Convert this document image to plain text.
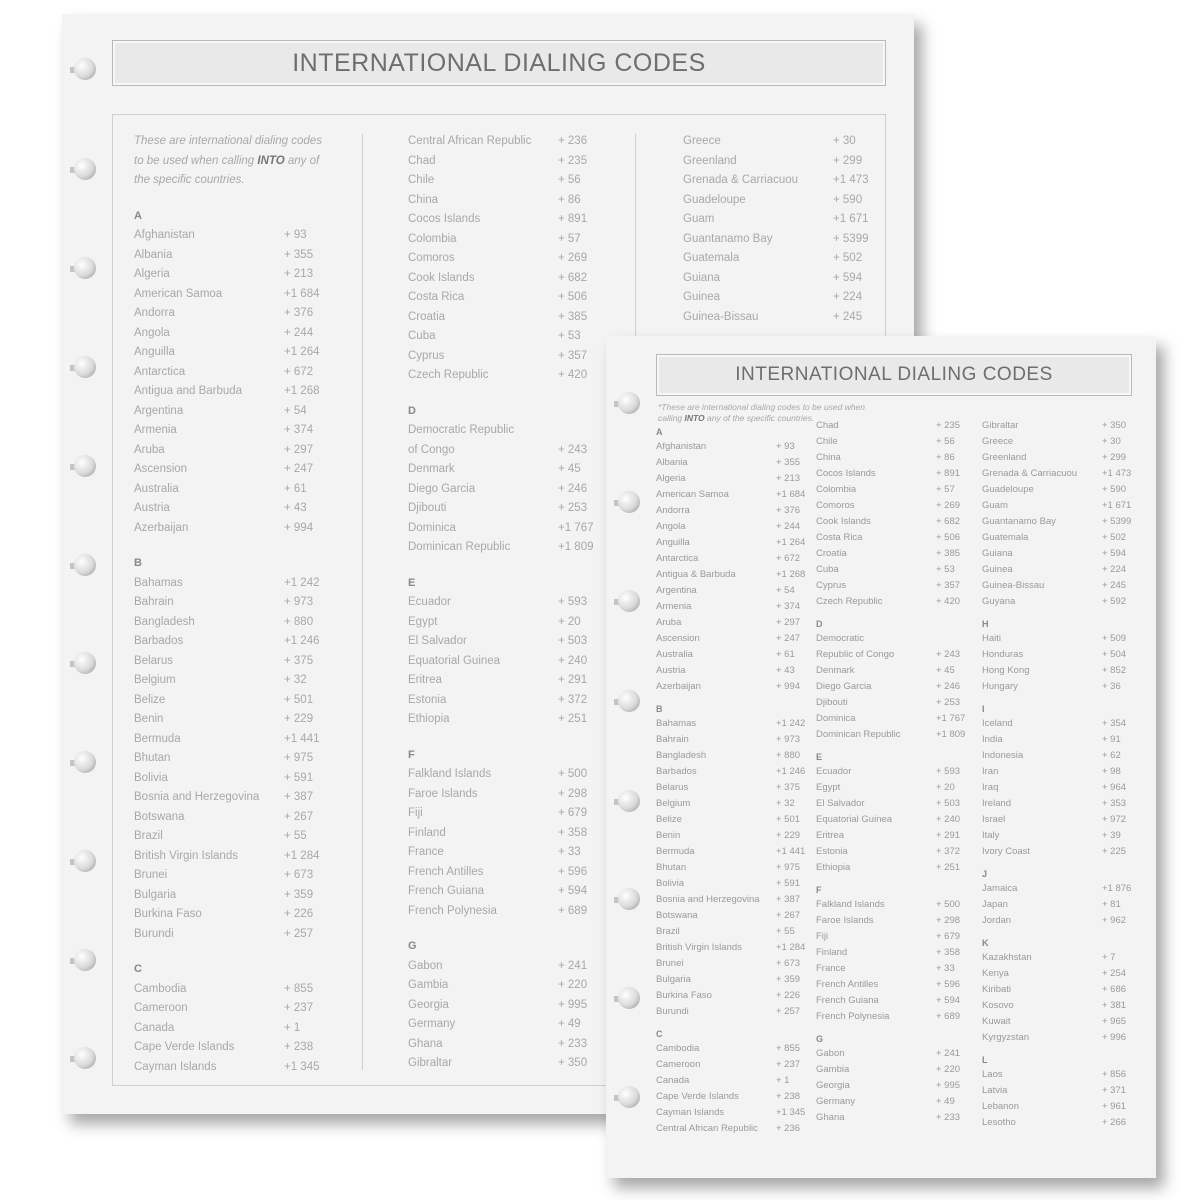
INTERNATIONAL DIALING CODES
These are international dialing codes
to be used when calling INTO any of
the specific countries.
A
Afghanistan	+ 93
Albania	+ 355
Algeria	+ 213
American Samoa	+1 684
Andorra	+ 376
Angola	+ 244
Anguilla	+1 264
Antarctica	+ 672
Antigua and Barbuda	+1 268
Argentina	+ 54
Armenia	+ 374
Aruba	+ 297
Ascension	+ 247
Australia	+ 61
Austria	+ 43
Azerbaijan	+ 994
B
Bahamas	+1 242
Bahrain	+ 973
Bangladesh	+ 880
Barbados	+1 246
Belarus	+ 375
Belgium	+ 32
Belize	+ 501
Benin	+ 229
Bermuda	+1 441
Bhutan	+ 975
Bolivia	+ 591
Bosnia and Herzegovina	+ 387
Botswana	+ 267
Brazil	+ 55
British Virgin Islands	+1 284
Brunei	+ 673
Bulgaria	+ 359
Burkina Faso	+ 226
Burundi	+ 257
C
Cambodia	+ 855
Cameroon	+ 237
Canada	+ 1
Cape Verde Islands	+ 238
Cayman Islands	+1 345
Central African Republic	+ 236
Chad	+ 235
Chile	+ 56
China	+ 86
Cocos Islands	+ 891
Colombia	+ 57
Comoros	+ 269
Cook Islands	+ 682
Costa Rica	+ 506
Croatia	+ 385
Cuba	+ 53
Cyprus	+ 357
Czech Republic	+ 420
D
Democratic Republic
of Congo	+ 243
Denmark	+ 45
Diego Garcia	+ 246
Djibouti	+ 253
Dominica	+1 767
Dominican Republic	+1 809
E
Ecuador	+ 593
Egypt	+ 20
El Salvador	+ 503
Equatorial Guinea	+ 240
Eritrea	+ 291
Estonia	+ 372
Ethiopia	+ 251
F
Falkland Islands	+ 500
Faroe Islands	+ 298
Fiji	+ 679
Finland	+ 358
France	+ 33
French Antilles	+ 596
French Guiana	+ 594
French Polynesia	+ 689
G
Gabon	+ 241
Gambia	+ 220
Georgia	+ 995
Germany	+ 49
Ghana	+ 233
Gibraltar	+ 350
Greece	+ 30
Greenland	+ 299
Grenada & Carriacuou	+1 473
Guadeloupe	+ 590
Guam	+1 671
Guantanamo Bay	+ 5399
Guatemala	+ 502
Guiana	+ 594
Guinea	+ 224
Guinea-Bissau	+ 245
INTERNATIONAL DIALING CODES
*These are international dialing codes to be used when
calling INTO any of the specific countries.
A
Afghanistan	+ 93
Albania	+ 355
Algeria	+ 213
American Samoa	+1 684
Andorra	+ 376
Angola	+ 244
Anguilla	+1 264
Antarctica	+ 672
Antigua & Barbuda	+1 268
Argentina	+ 54
Armenia	+ 374
Aruba	+ 297
Ascension	+ 247
Australia	+ 61
Austria	+ 43
Azerbaijan	+ 994
B
Bahamas	+1 242
Bahrain	+ 973
Bangladesh	+ 880
Barbados	+1 246
Belarus	+ 375
Belgium	+ 32
Belize	+ 501
Benin	+ 229
Bermuda	+1 441
Bhutan	+ 975
Bolivia	+ 591
Bosnia and Herzegovina	+ 387
Botswana	+ 267
Brazil	+ 55
British Virgin Islands	+1 284
Brunei	+ 673
Bulgaria	+ 359
Burkina Faso	+ 226
Burundi	+ 257
C
Cambodia	+ 855
Cameroon	+ 237
Canada	+ 1
Cape Verde Islands	+ 238
Cayman Islands	+1 345
Central African Republic	+ 236
Chad	+ 235
Chile	+ 56
China	+ 86
Cocos Islands	+ 891
Colombia	+ 57
Comoros	+ 269
Cook Islands	+ 682
Costa Rica	+ 506
Croatia	+ 385
Cuba	+ 53
Cyprus	+ 357
Czech Republic	+ 420
D
Democratic
Republic of Congo	+ 243
Denmark	+ 45
Diego Garcia	+ 246
Djibouti	+ 253
Dominica	+1 767
Dominican Republic	+1 809
E
Ecuador	+ 593
Egypt	+ 20
El Salvador	+ 503
Equatorial Guinea	+ 240
Eritrea	+ 291
Estonia	+ 372
Ethiopia	+ 251
F
Falkland Islands	+ 500
Faroe Islands	+ 298
Fiji	+ 679
Finland	+ 358
France	+ 33
French Antilles	+ 596
French Guiana	+ 594
French Polynesia	+ 689
G
Gabon	+ 241
Gambia	+ 220
Georgia	+ 995
Germany	+ 49
Ghana	+ 233
Gibraltar	+ 350
Greece	+ 30
Greenland	+ 299
Grenada & Carriacuou	+1 473
Guadeloupe	+ 590
Guam	+1 671
Guantanamo Bay	+ 5399
Guatemala	+ 502
Guiana	+ 594
Guinea	+ 224
Guinea-Bissau	+ 245
Guyana	+ 592
H
Haiti	+ 509
Honduras	+ 504
Hong Kong	+ 852
Hungary	+ 36
I
Iceland	+ 354
India	+ 91
Indonesia	+ 62
Iran	+ 98
Iraq	+ 964
Ireland	+ 353
Israel	+ 972
Italy	+ 39
Ivory Coast	+ 225
J
Jamaica	+1 876
Japan	+ 81
Jordan	+ 962
K
Kazakhstan	+ 7
Kenya	+ 254
Kiribati	+ 686
Kosovo	+ 381
Kuwait	+ 965
Kyrgyzstan	+ 996
L
Laos	+ 856
Latvia	+ 371
Lebanon	+ 961
Lesotho	+ 266
